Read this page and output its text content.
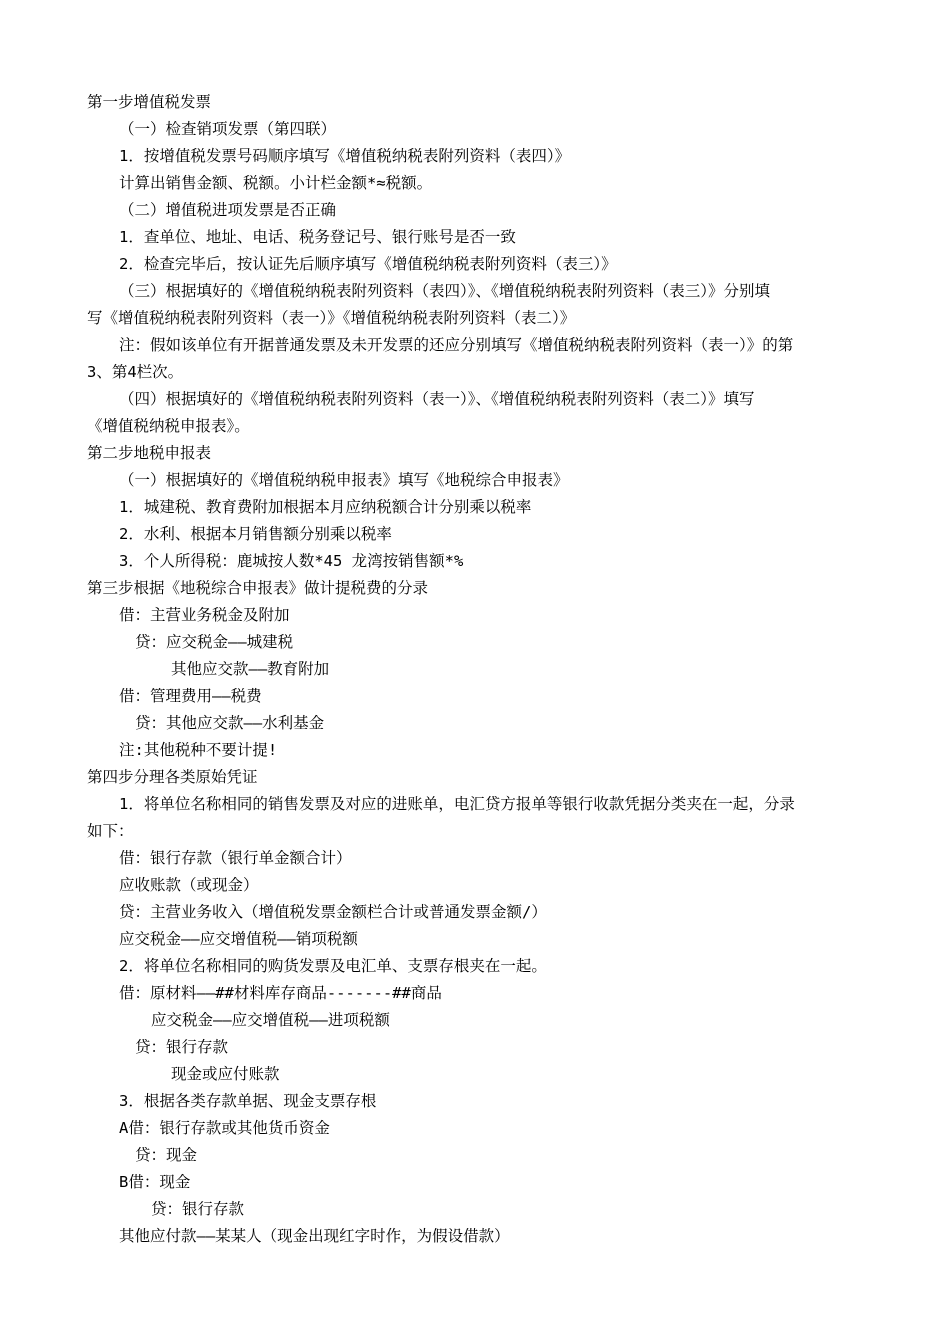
第一步增值税发票
（一）检查销项发票（第四联）
1．按增值税发票号码顺序填写《增值税纳税表附列资料（表四）》
计算出销售金额、税额。小计栏金额*≈税额。
（二）增值税进项发票是否正确
1．查单位、地址、电话、税务登记号、银行账号是否一致
2．检查完毕后，按认证先后顺序填写《增值税纳税表附列资料（表三）》
（三）根据填好的《增值税纳税表附列资料（表四）》、《增值税纳税表附列资料（表三）》分别填
写《增值税纳税表附列资料（表一）》《增值税纳税表附列资料（表二）》
注：假如该单位有开据普通发票及未开发票的还应分别填写《增值税纳税表附列资料（表一）》的第
3、第4栏次。
（四）根据填好的《增值税纳税表附列资料（表一）》、《增值税纳税表附列资料（表二）》填写
《增值税纳税申报表》。
第二步地税申报表
（一）根据填好的《增值税纳税申报表》填写《地税综合申报表》
1．城建税、教育费附加根据本月应纳税额合计分别乘以税率
2．水利、根据本月销售额分别乘以税率
3．个人所得税：鹿城按人数*45 龙湾按销售额*%
第三步根据《地税综合申报表》做计提税费的分录
借：主营业务税金及附加
贷：应交税金——城建税
其他应交款——教育附加
借：管理费用——税费
贷：其他应交款——水利基金
注:其他税种不要计提!
第四步分理各类原始凭证
1．将单位名称相同的销售发票及对应的进账单，电汇贷方报单等银行收款凭据分类夹在一起，分录
如下：
借：银行存款（银行单金额合计）
应收账款（或现金）
贷：主营业务收入（增值税发票金额栏合计或普通发票金额/）
应交税金——应交增值税——销项税额
2．将单位名称相同的购货发票及电汇单、支票存根夹在一起。
借：原材料——##材料库存商品-------##商品
应交税金——应交增值税——进项税额
贷：银行存款
现金或应付账款
3．根据各类存款单据、现金支票存根
A借：银行存款或其他货币资金
贷：现金
B借：现金
贷：银行存款
其他应付款——某某人（现金出现红字时作，为假设借款）
